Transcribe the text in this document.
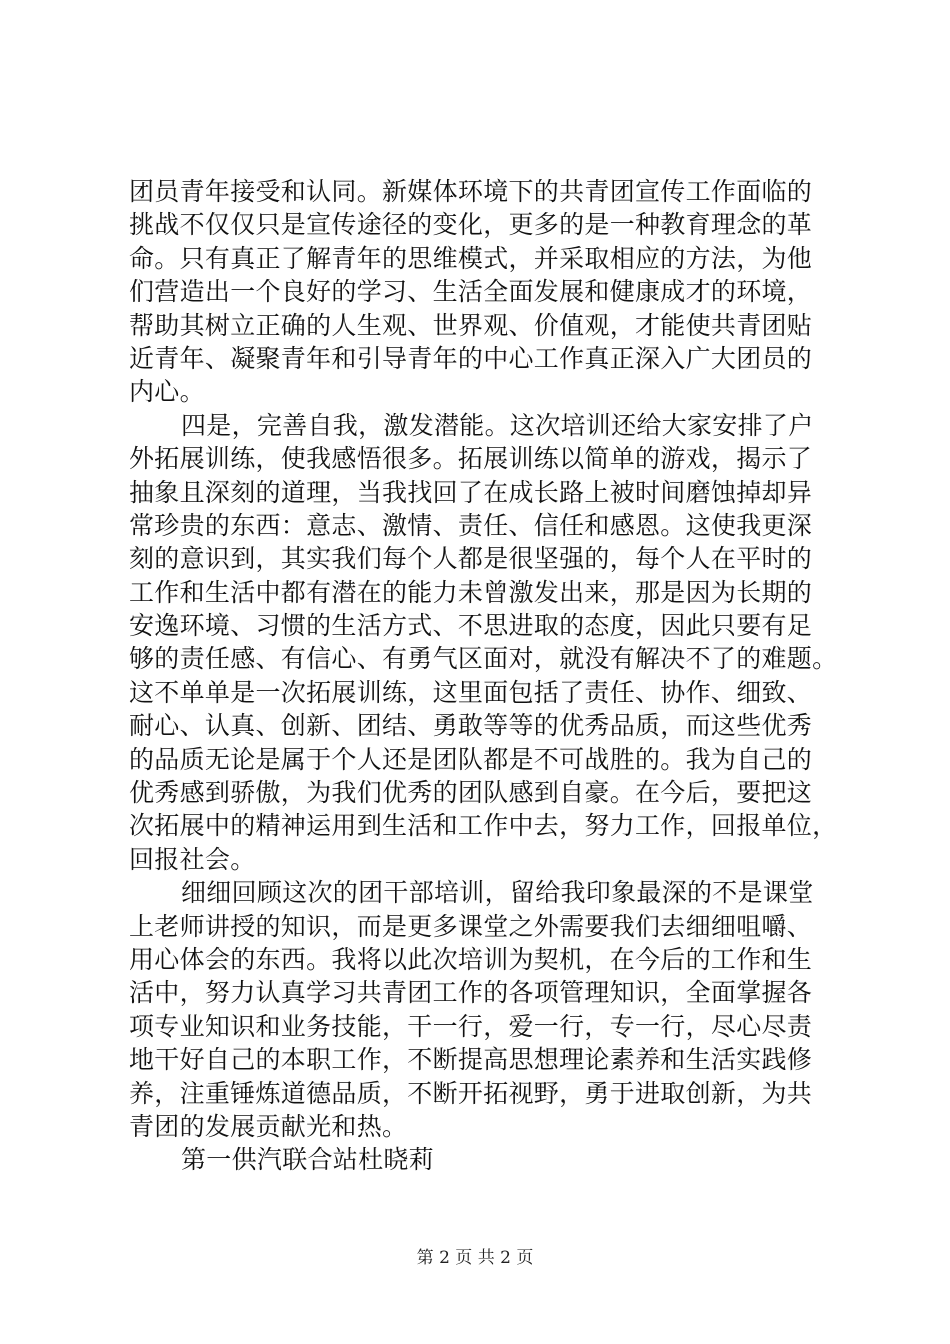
团员青年接受和认同。新媒体环境下的共青团宣传工作面临的
挑战不仅仅只是宣传途径的变化，更多的是一种教育理念的革
命。只有真正了解青年的思维模式，并采取相应的方法，为他
们营造出一个良好的学习、生活全面发展和健康成才的环境，
帮助其树立正确的人生观、世界观、价值观，才能使共青团贴
近青年、凝聚青年和引导青年的中心工作真正深入广大团员的
内心。
四是，完善自我，激发潜能。这次培训还给大家安排了户
外拓展训练，使我感悟很多。拓展训练以简单的游戏，揭示了
抽象且深刻的道理，当我找回了在成长路上被时间磨蚀掉却异
常珍贵的东西：意志、激情、责任、信任和感恩。这使我更深
刻的意识到，其实我们每个人都是很坚强的，每个人在平时的
工作和生活中都有潜在的能力未曾激发出来，那是因为长期的
安逸环境、习惯的生活方式、不思进取的态度，因此只要有足
够的责任感、有信心、有勇气区面对，就没有解决不了的难题。
这不单单是一次拓展训练，这里面包括了责任、协作、细致、
耐心、认真、创新、团结、勇敢等等的优秀品质，而这些优秀
的品质无论是属于个人还是团队都是不可战胜的。我为自己的
优秀感到骄傲，为我们优秀的团队感到自豪。在今后，要把这
次拓展中的精神运用到生活和工作中去，努力工作，回报单位，
回报社会。
细细回顾这次的团干部培训，留给我印象最深的不是课堂
上老师讲授的知识，而是更多课堂之外需要我们去细细咀嚼、
用心体会的东西。我将以此次培训为契机，在今后的工作和生
活中，努力认真学习共青团工作的各项管理知识，全面掌握各
项专业知识和业务技能，干一行，爱一行，专一行，尽心尽责
地干好自己的本职工作，不断提高思想理论素养和生活实践修
养，注重锤炼道德品质，不断开拓视野，勇于进取创新，为共
青团的发展贡献光和热。
第一供汽联合站杜晓莉
第 2 页 共 2 页
